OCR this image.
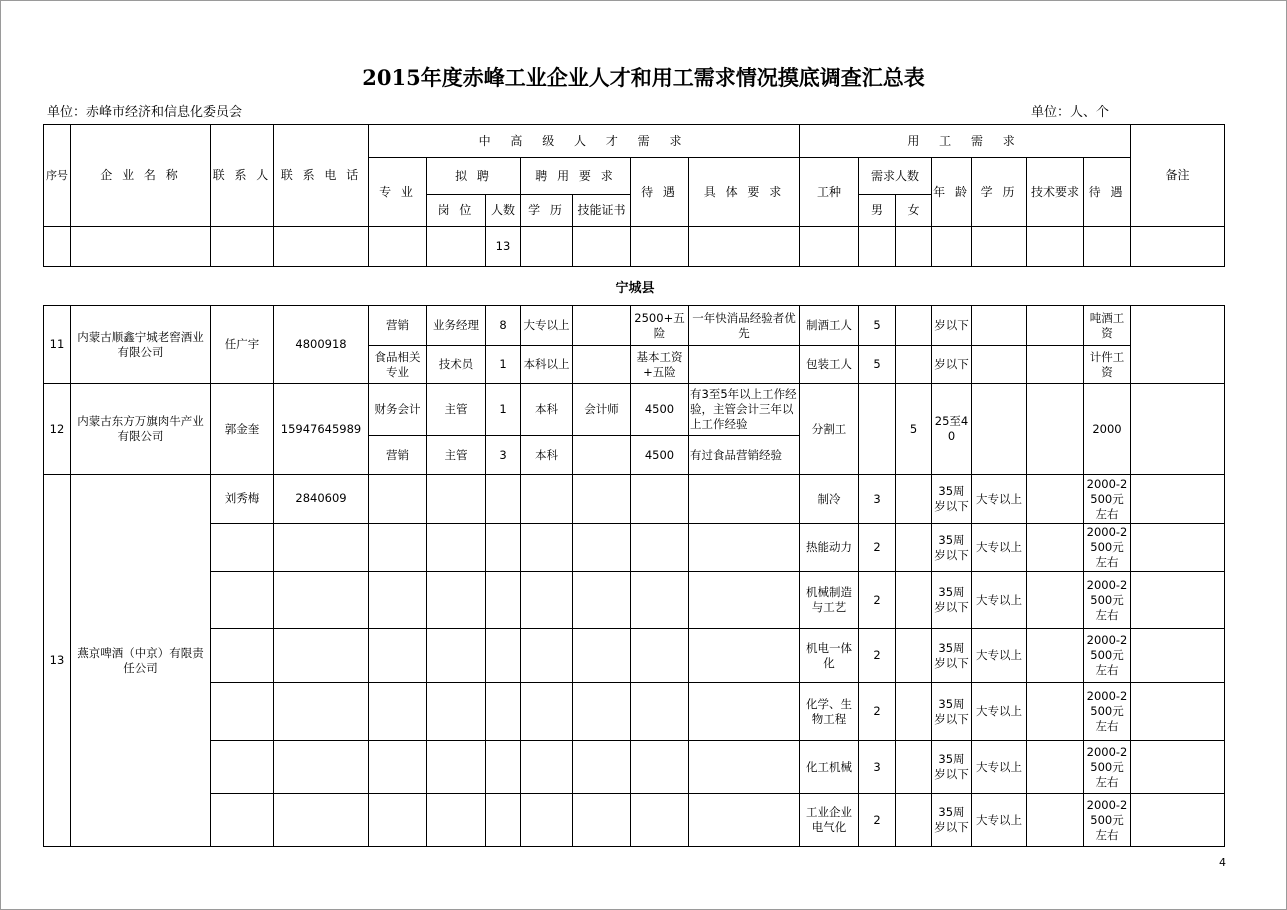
2015年度赤峰工业企业人才和用工需求情况摸底调查汇总表
单位：赤峰市经济和信息化委员会	单位：人、个
序号	企 业 名 称	联 系 人	联 系 电 话	中 高 级 人 才 需 求							用 工 需 求							备注
				专 业	拟 聘		聘 用 要 求		待 遇	具 体 要 求	工种	需求人数		年 龄	学 历	技术要求	待 遇	
					岗 位	人数	学 历	技能证书				男	女					
						13												
宁城县
11	内蒙古顺鑫宁城老窖酒业有限公司	任广宇	4800918	营销	业务经理	8	大专以上		2500+五险	一年快消品经验者优先	制酒工人	5		岁以下			吨酒工资	
				食品相关专业	技术员	1	本科以上		基本工资+五险		包装工人	5		岁以下			计件工资	
12	内蒙古东方万旗肉牛产业有限公司	郭金奎	15947645989	财务会计	主管	1	本科	会计师	4500	有3至5年以上工作经验，主管会计三年以上工作经验	分割工		5	25至40			2000	
				营销	主管	3	本科		4500	有过食品营销经验								
13	燕京啤酒（中京）有限责任公司	刘秀梅	2840609								制冷	3		35周岁以下	大专以上		2000-2500元左右	
											热能动力	2		35周岁以下	大专以上		2000-2500元左右	
											机械制造与工艺	2		35周岁以下	大专以上		2000-2500元左右	
											机电一体化	2		35周岁以下	大专以上		2000-2500元左右	
											化学、生物工程	2		35周岁以下	大专以上		2000-2500元左右	
											化工机械	3		35周岁以下	大专以上		2000-2500元左右	
											工业企业电气化	2		35周岁以下	大专以上		2000-2500元左右	
4
